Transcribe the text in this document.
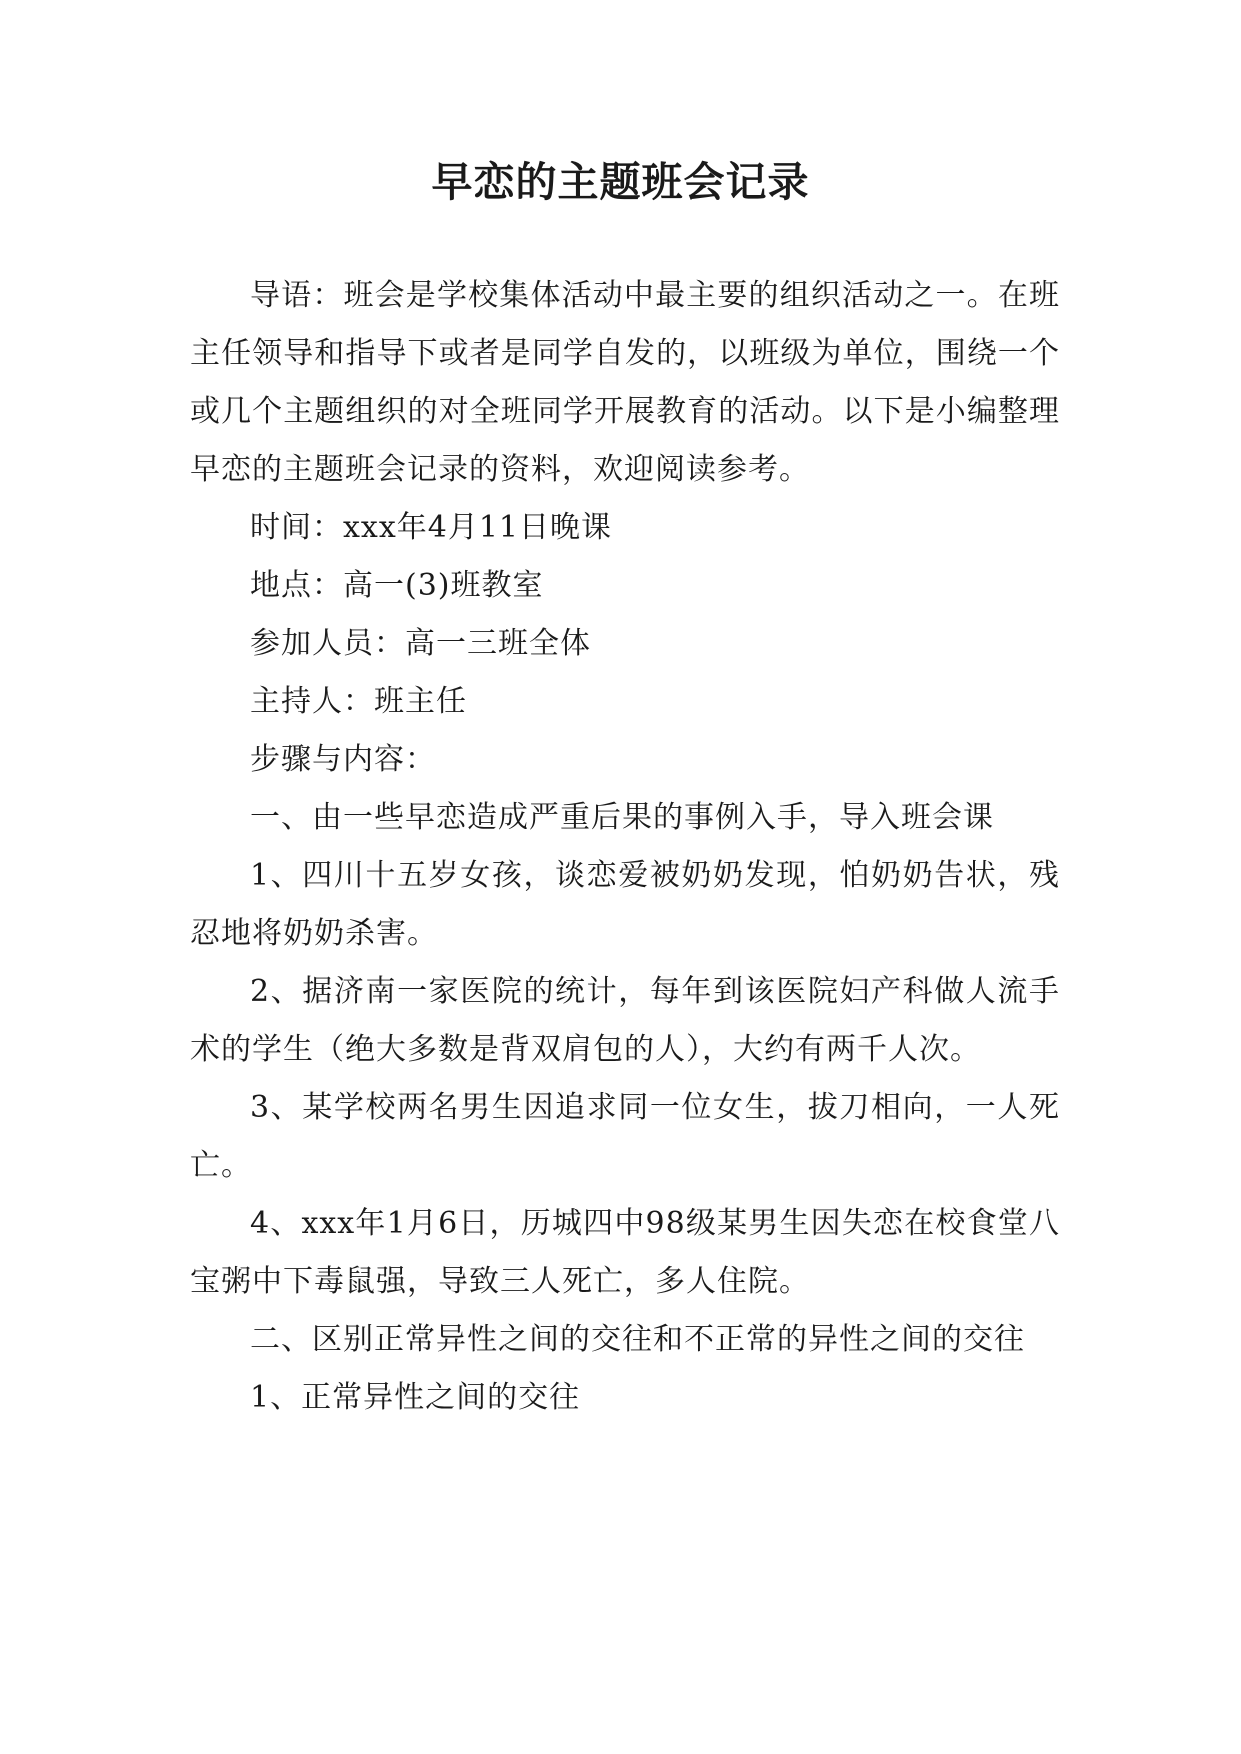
早恋的主题班会记录

导语：班会是学校集体活动中最主要的组织活动之一。在班主任领导和指导下或者是同学自发的，以班级为单位，围绕一个或几个主题组织的对全班同学开展教育的活动。以下是小编整理早恋的主题班会记录的资料，欢迎阅读参考。

时间：xxx年4月11日晚课

地点：高一(3)班教室

参加人员：高一三班全体

主持人：班主任

步骤与内容：

一、由一些早恋造成严重后果的事例入手，导入班会课

1、四川十五岁女孩，谈恋爱被奶奶发现，怕奶奶告状，残忍地将奶奶杀害。

2、据济南一家医院的统计，每年到该医院妇产科做人流手术的学生（绝大多数是背双肩包的人），大约有两千人次。

3、某学校两名男生因追求同一位女生，拔刀相向，一人死亡。

4、xxx年1月6日，历城四中98级某男生因失恋在校食堂八宝粥中下毒鼠强，导致三人死亡，多人住院。

二、区别正常异性之间的交往和不正常的异性之间的交往

1、正常异性之间的交往
